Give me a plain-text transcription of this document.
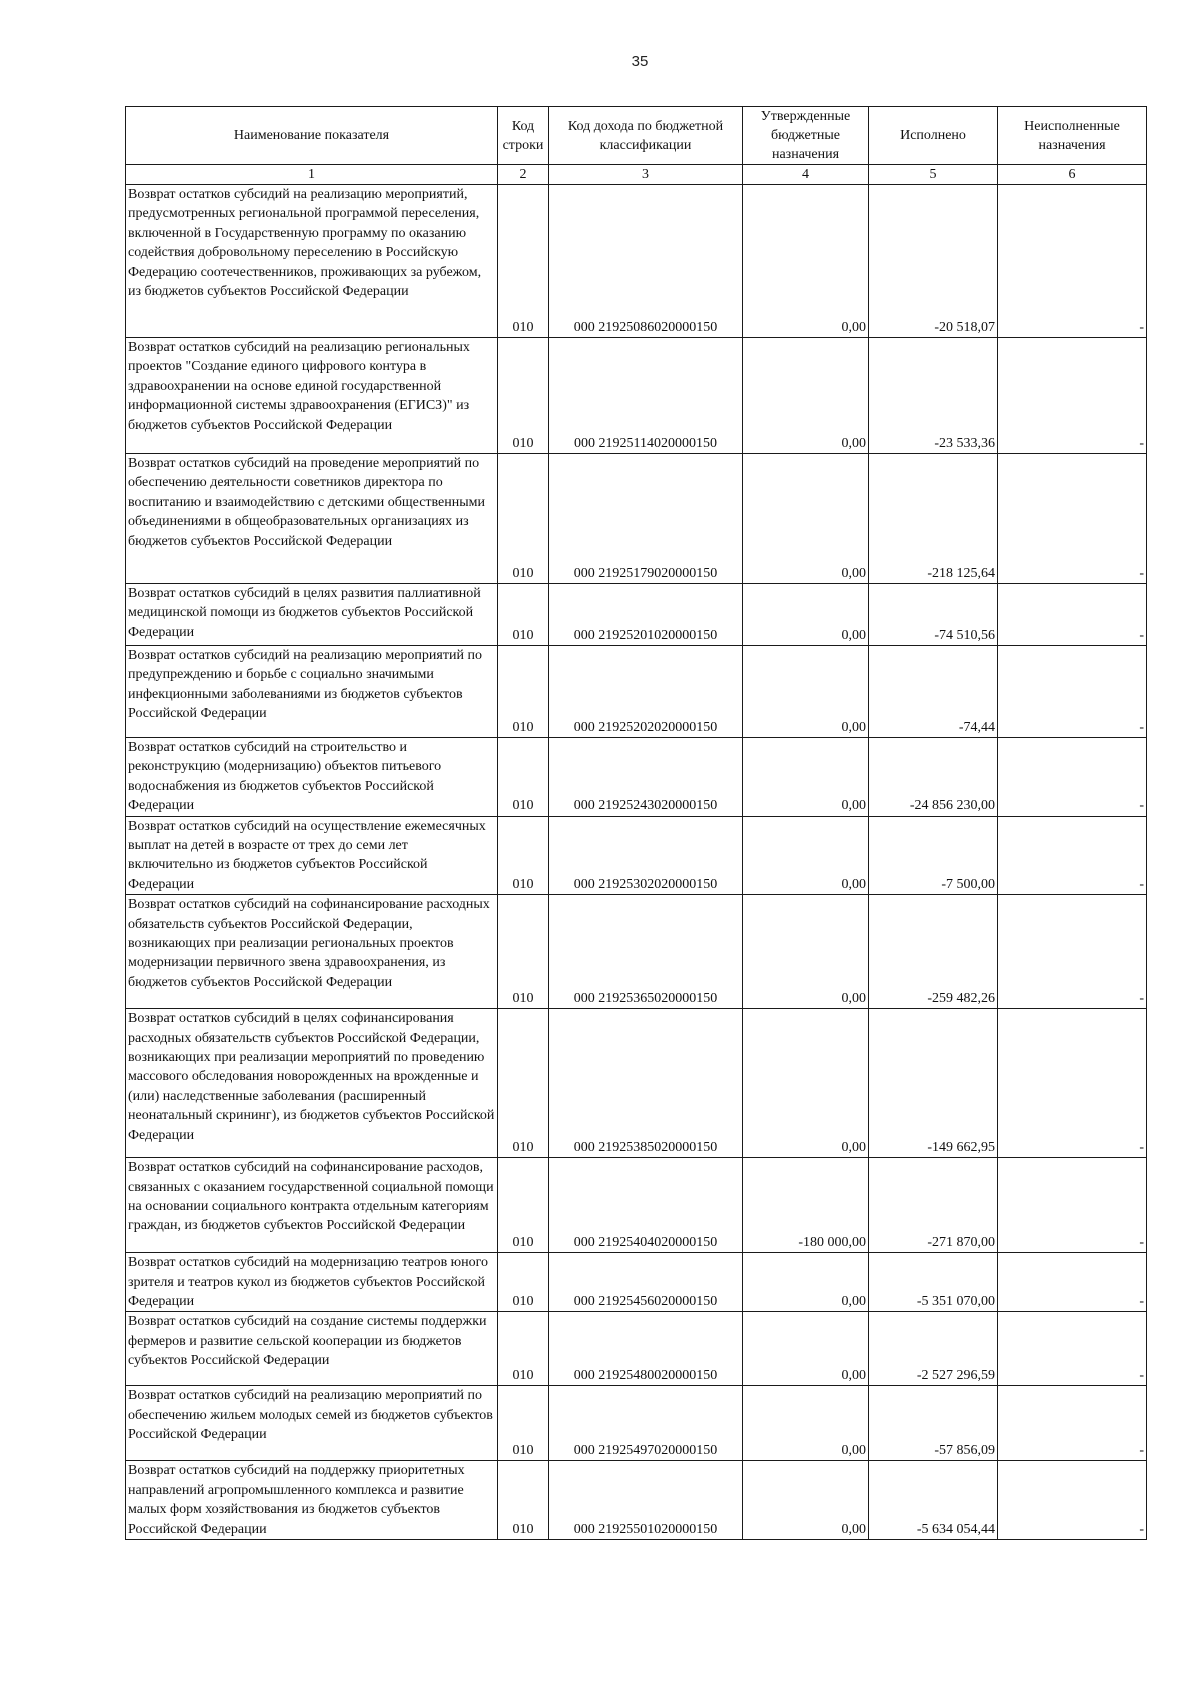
35
Наименование показателя	Код строки	Код дохода по бюджетной классификации	Утвержденные бюджетные назначения	Исполнено	Неисполненные назначения
1	2	3	4	5	6
Возврат остатков субсидий на реализацию мероприятий, предусмотренных региональной программой переселения, включенной в Государственную программу по оказанию содействия добровольному переселению в Российскую Федерацию соотечественников, проживающих за рубежом, из бюджетов субъектов Российской Федерации	010	000 21925086020000150	0,00	-20 518,07	-
Возврат остатков субсидий на реализацию региональных проектов "Создание единого цифрового контура в здравоохранении на основе единой государственной информационной системы здравоохранения (ЕГИСЗ)" из бюджетов субъектов Российской Федерации	010	000 21925114020000150	0,00	-23 533,36	-
Возврат остатков субсидий на проведение мероприятий по обеспечению деятельности советников директора по воспитанию и взаимодействию с детскими общественными объединениями в общеобразовательных организациях из бюджетов субъектов Российской Федерации	010	000 21925179020000150	0,00	-218 125,64	-
Возврат остатков субсидий в целях развития паллиативной медицинской помощи из бюджетов субъектов Российской Федерации	010	000 21925201020000150	0,00	-74 510,56	-
Возврат остатков субсидий на реализацию мероприятий по предупреждению и борьбе с социально значимыми инфекционными заболеваниями из бюджетов субъектов Российской Федерации	010	000 21925202020000150	0,00	-74,44	-
Возврат остатков субсидий на строительство и реконструкцию (модернизацию) объектов питьевого водоснабжения из бюджетов субъектов Российской Федерации	010	000 21925243020000150	0,00	-24 856 230,00	-
Возврат остатков субсидий на осуществление ежемесячных выплат на детей в возрасте от трех до семи лет включительно из бюджетов субъектов Российской Федерации	010	000 21925302020000150	0,00	-7 500,00	-
Возврат остатков субсидий на софинансирование расходных обязательств субъектов Российской Федерации, возникающих при реализации региональных проектов модернизации первичного звена здравоохранения, из бюджетов субъектов Российской Федерации	010	000 21925365020000150	0,00	-259 482,26	-
Возврат остатков субсидий в целях софинансирования расходных обязательств субъектов Российской Федерации, возникающих при реализации мероприятий по проведению массового обследования новорожденных на врожденные и (или) наследственные заболевания (расширенный неонатальный скрининг), из бюджетов субъектов Российской Федерации	010	000 21925385020000150	0,00	-149 662,95	-
Возврат остатков субсидий на софинансирование расходов, связанных с оказанием государственной социальной помощи на основании социального контракта отдельным категориям граждан, из бюджетов субъектов Российской Федерации	010	000 21925404020000150	-180 000,00	-271 870,00	-
Возврат остатков субсидий на модернизацию театров юного зрителя и театров кукол из бюджетов субъектов Российской Федерации	010	000 21925456020000150	0,00	-5 351 070,00	-
Возврат остатков субсидий на создание системы поддержки фермеров и развитие сельской кооперации из бюджетов субъектов Российской Федерации	010	000 21925480020000150	0,00	-2 527 296,59	-
Возврат остатков субсидий на реализацию мероприятий по обеспечению жильем молодых семей из бюджетов субъектов Российской Федерации	010	000 21925497020000150	0,00	-57 856,09	-
Возврат остатков субсидий на поддержку приоритетных направлений агропромышленного комплекса и развитие малых форм хозяйствования из бюджетов субъектов Российской Федерации	010	000 21925501020000150	0,00	-5 634 054,44	-
